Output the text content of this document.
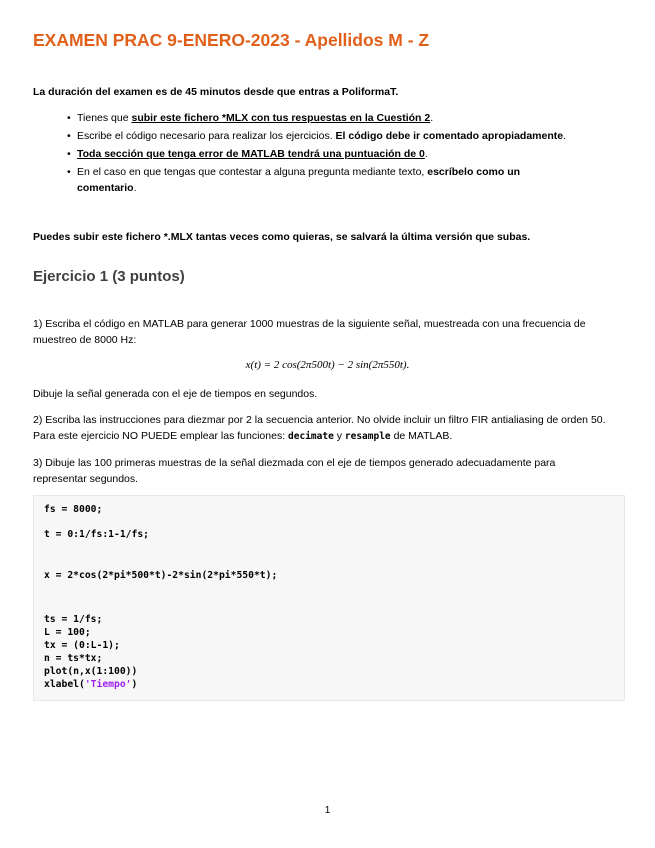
EXAMEN PRAC 9-ENERO-2023 - Apellidos M - Z

La duración del examen es de 45 minutos desde que entras a PoliformaT.

• Tienes que subir este fichero *MLX con tus respuestas en la Cuestión 2.
• Escribe el código necesario para realizar los ejercicios. El código debe ir comentado apropiadamente.
• Toda sección que tenga error de MATLAB tendrá una puntuación de 0.
• En el caso en que tengas que contestar a alguna pregunta mediante texto, escríbelo como un comentario.

Puedes subir este fichero *.MLX tantas veces como quieras, se salvará la última versión que subas.

Ejercicio 1 (3 puntos)

1) Escriba el código en MATLAB para generar 1000 muestras de la siguiente señal, muestreada con una frecuencia de muestreo de 8000 Hz:

x(t) = 2 cos(2π500t) − 2 sin(2π550t).

Dibuje la señal generada con el eje de tiempos en segundos.

2) Escriba las instrucciones para diezmar por 2 la secuencia anterior. No olvide incluir un filtro FIR antialiasing de orden 50. Para este ejercicio NO PUEDE emplear las funciones: decimate y resample de MATLAB.

3) Dibuje las 100 primeras muestras de la señal diezmada con el eje de tiempos generado adecuadamente para representar segundos.

fs = 8000;

t = 0:1/fs:1-1/fs;

x = 2*cos(2*pi*500*t)-2*sin(2*pi*550*t);

ts = 1/fs;

L = 100;

tx = (0:L-1);

n = ts*tx;

plot(n,x(1:100))

xlabel('Tiempo')

1
